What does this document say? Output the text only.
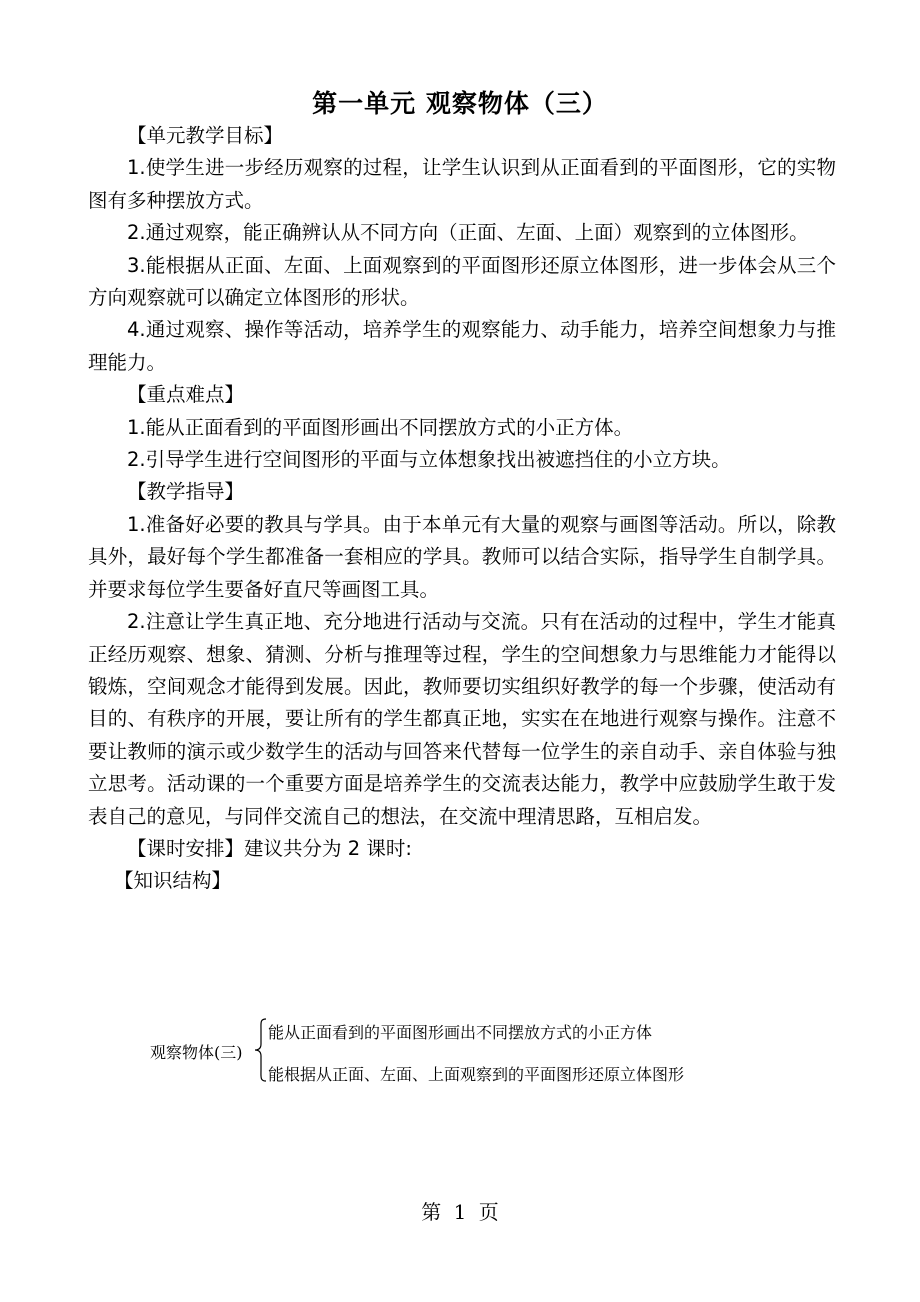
第一单元 观察物体（三）

【单元教学目标】

1.使学生进一步经历观察的过程，让学生认识到从正面看到的平面图形，它的实物图有多种摆放方式。

2.通过观察，能正确辨认从不同方向（正面、左面、上面）观察到的立体图形。

3.能根据从正面、左面、上面观察到的平面图形还原立体图形，进一步体会从三个方向观察就可以确定立体图形的形状。

4.通过观察、操作等活动，培养学生的观察能力、动手能力，培养空间想象力与推理能力。

【重点难点】

1.能从正面看到的平面图形画出不同摆放方式的小正方体。

2.引导学生进行空间图形的平面与立体想象找出被遮挡住的小立方块。

【教学指导】

1.准备好必要的教具与学具。由于本单元有大量的观察与画图等活动。所以，除教具外，最好每个学生都准备一套相应的学具。教师可以结合实际，指导学生自制学具。并要求每位学生要备好直尺等画图工具。

2.注意让学生真正地、充分地进行活动与交流。只有在活动的过程中，学生才能真正经历观察、想象、猜测、分析与推理等过程，学生的空间想象力与思维能力才能得以锻炼，空间观念才能得到发展。因此，教师要切实组织好教学的每一个步骤，使活动有目的、有秩序的开展，要让所有的学生都真正地，实实在在地进行观察与操作。注意不要让教师的演示或少数学生的活动与回答来代替每一位学生的亲自动手、亲自体验与独立思考。活动课的一个重要方面是培养学生的交流表达能力，教学中应鼓励学生敢于发表自己的意见，与同伴交流自己的想法，在交流中理清思路，互相启发。

【课时安排】建议共分为 2 课时:

【知识结构】

观察物体(三)
能从正面看到的平面图形画出不同摆放方式的小正方体
能根据从正面、左面、上面观察到的平面图形还原立体图形
第 1 页
